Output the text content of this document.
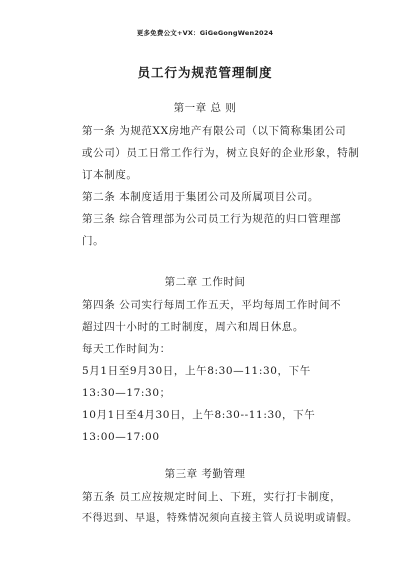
更多免费公文+VX：GiGeGongWen2024
员工行为规范管理制度
第一章 总 则
第一条 为规范XX房地产有限公司（以下简称集团公司
或公司）员工日常工作行为，树立良好的企业形象，特制
订本制度。
第二条 本制度适用于集团公司及所属项目公司。
第三条 综合管理部为公司员工行为规范的归口管理部
门。
第二章 工作时间
第四条 公司实行每周工作五天，平均每周工作时间不
超过四十小时的工时制度，周六和周日休息。
每天工作时间为：
5月1日至9月30日，上午8:30—11:30，下午
13:30—17:30；
10月1日至4月30日，上午8:30--11:30，下午
13:00—17:00
第三章 考勤管理
第五条 员工应按规定时间上、下班，实行打卡制度，
不得迟到、早退，特殊情况须向直接主管人员说明或请假。
